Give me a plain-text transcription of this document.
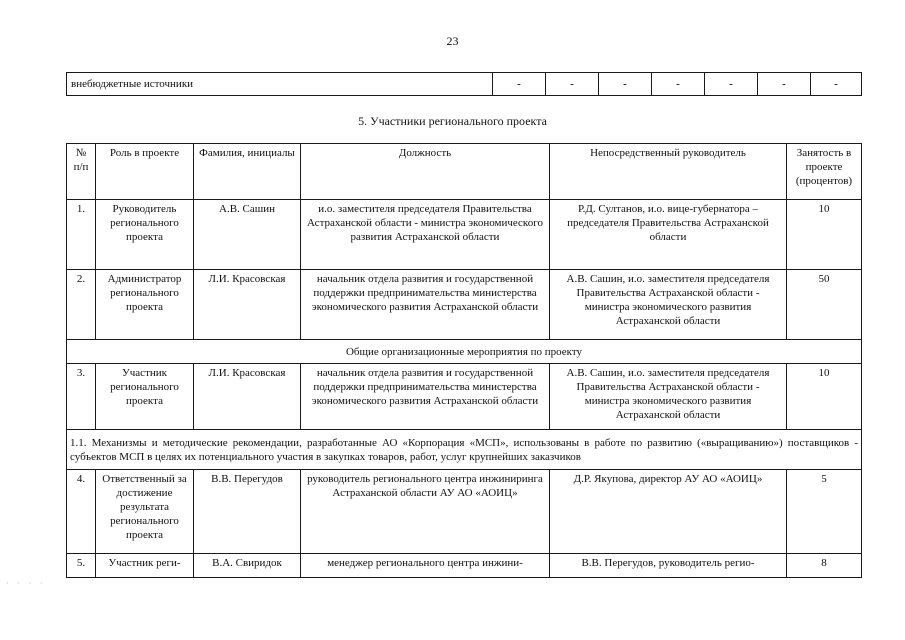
23
внебюджетные источники	-	-	-	-	-	-	-
5. Участники регионального проекта
№ п/п	Роль в проекте	Фамилия, инициалы	Должность	Непосредственный руководитель	Занятость в проекте (процентов)
1.	Руководитель регионального проекта	А.В. Сашин	и.о. заместителя председателя Правительства Астраханской области - министра экономического развития Астраханской области	Р.Д. Султанов, и.о. вице-губернатора – председателя Правительства Астраханской области	10
2.	Администратор регионального проекта	Л.И. Красовская	начальник отдела развития и государственной поддержки предпринимательства министерства экономического развития Астраханской области	А.В. Сашин, и.о. заместителя председателя Правительства Астраханской области - министра экономического развития Астраханской области	50
Общие организационные мероприятия по проекту					
3.	Участник регионального проекта	Л.И. Красовская	начальник отдела развития и государственной поддержки предпринимательства министерства экономического развития Астраханской области	А.В. Сашин, и.о. заместителя председателя Правительства Астраханской области - министра экономического развития Астраханской области	10
1.1. Механизмы и методические рекомендации, разработанные АО «Корпорация «МСП», использованы в работе по развитию («выращиванию») поставщиков - субъектов МСП в целях их потенциального участия в закупках товаров, работ, услуг крупнейших заказчиков					
4.	Ответственный за достижение результата регионального проекта	В.В. Перегудов	руководитель регионального центра инжиниринга Астраханской области АУ АО «АОИЦ»	Д.Р. Якупова, директор АУ АО «АОИЦ»	5
5.	Участник реги-	В.А. Свиридок	менеджер регионального центра инжини-	В.В. Перегудов, руководитель регио-	8
· · · ·
